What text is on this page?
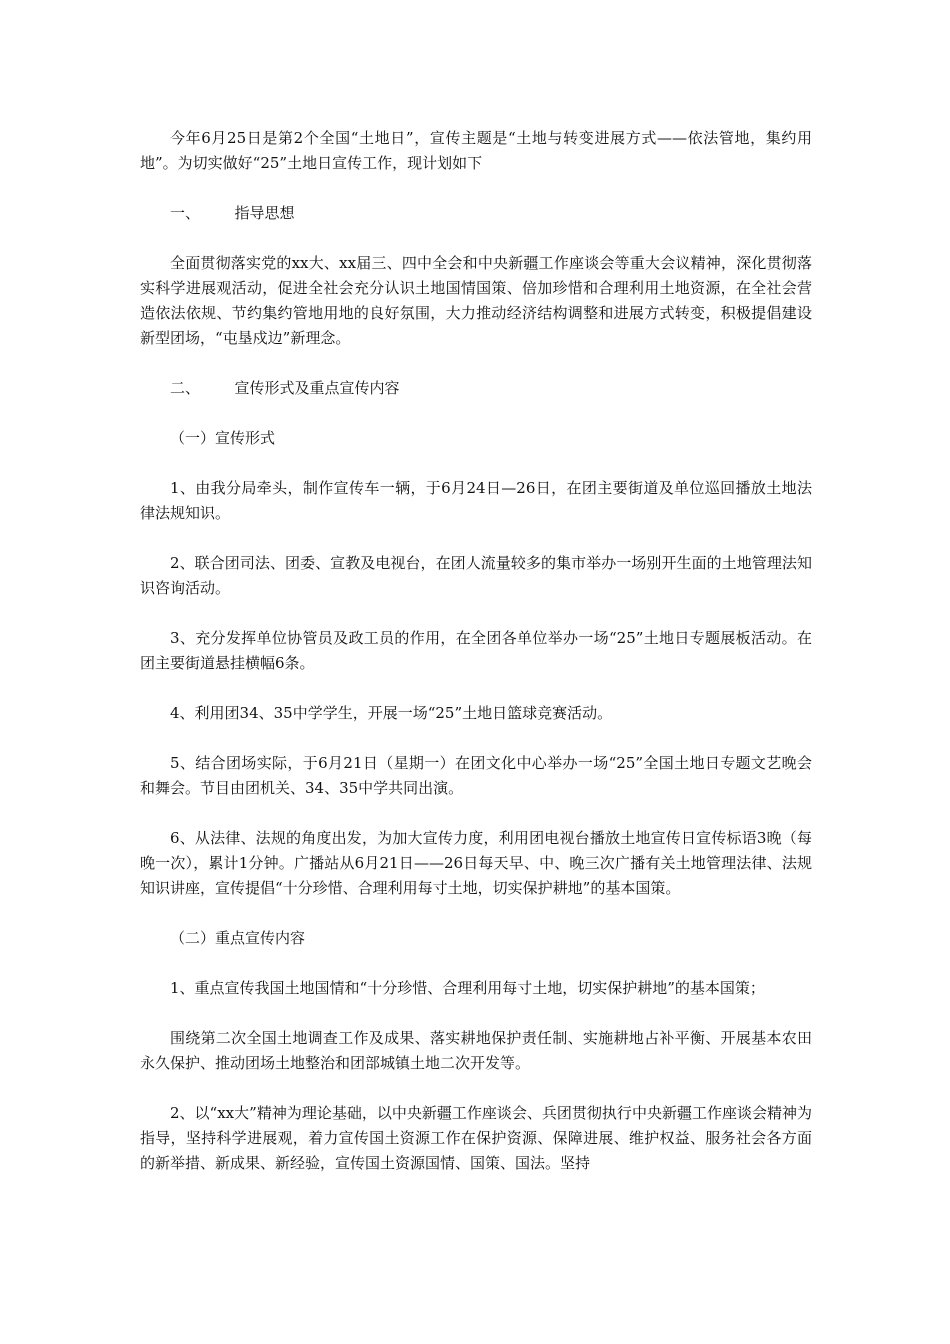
今年6月25日是第2个全国“土地日”，宣传主题是“土地与转变进展方式——依法管地，集约用地”。为切实做好“25”土地日宣传工作，现计划如下

一、 指导思想

全面贯彻落实党的xx大、xx届三、四中全会和中央新疆工作座谈会等重大会议精神，深化贯彻落实科学进展观活动，促进全社会充分认识土地国情国策、倍加珍惜和合理利用土地资源，在全社会营造依法依规、节约集约管地用地的良好氛围，大力推动经济结构调整和进展方式转变，积极提倡建设新型团场，“屯垦戍边”新理念。

二、 宣传形式及重点宣传内容

（一）宣传形式

1、由我分局牵头，制作宣传车一辆，于6月24日—26日，在团主要街道及单位巡回播放土地法律法规知识。

2、联合团司法、团委、宣教及电视台，在团人流量较多的集市举办一场别开生面的土地管理法知识咨询活动。

3、充分发挥单位协管员及政工员的作用，在全团各单位举办一场“25”土地日专题展板活动。在团主要街道悬挂横幅6条。

4、利用团34、35中学学生，开展一场“25”土地日篮球竞赛活动。

5、结合团场实际，于6月21日（星期一）在团文化中心举办一场“25”全国土地日专题文艺晚会和舞会。节目由团机关、34、35中学共同出演。

6、从法律、法规的角度出发，为加大宣传力度，利用团电视台播放土地宣传日宣传标语3晚（每晚一次），累计1分钟。广播站从6月21日——26日每天早、中、晚三次广播有关土地管理法律、法规知识讲座，宣传提倡“十分珍惜、合理利用每寸土地，切实保护耕地”的基本国策。

（二）重点宣传内容

1、重点宣传我国土地国情和“十分珍惜、合理利用每寸土地，切实保护耕地”的基本国策；

围绕第二次全国土地调查工作及成果、落实耕地保护责任制、实施耕地占补平衡、开展基本农田永久保护、推动团场土地整治和团部城镇土地二次开发等。

2、以“xx大”精神为理论基础，以中央新疆工作座谈会、兵团贯彻执行中央新疆工作座谈会精神为指导，坚持科学进展观，着力宣传国土资源工作在保护资源、保障进展、维护权益、服务社会各方面的新举措、新成果、新经验，宣传国土资源国情、国策、国法。坚持
